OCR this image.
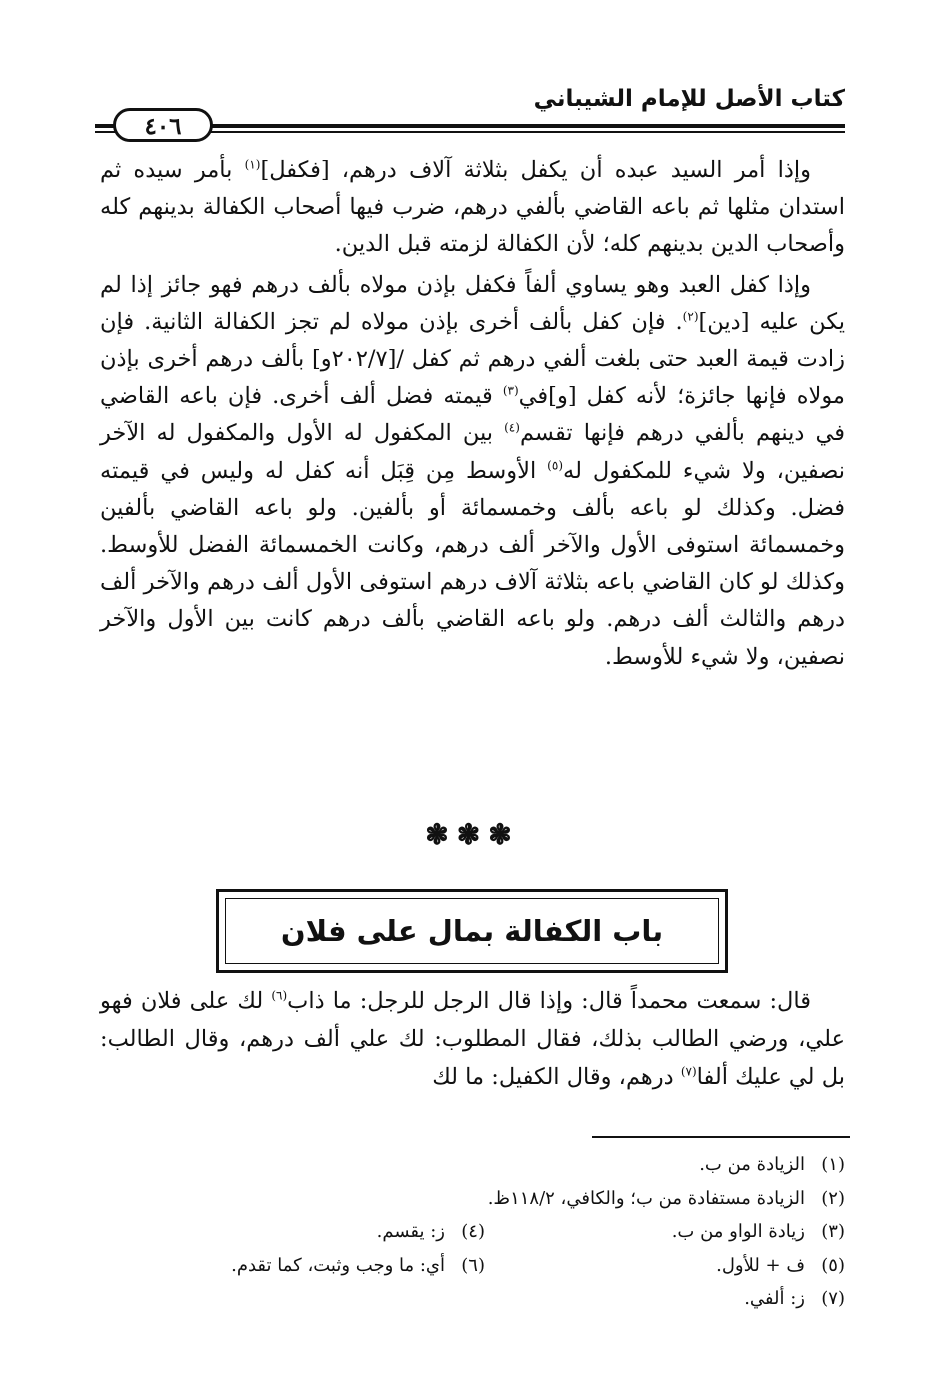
كتاب الأصل للإمام الشيباني
٤٠٦

وإذا أمر السيد عبده أن يكفل بثلاثة آلاف درهم، [فكفل]$^{(١)}$ بأمر سيده ثم استدان مثلها ثم باعه القاضي بألفي درهم، ضرب فيها أصحاب الكفالة بدينهم كله وأصحاب الدين بدينهم كله؛ لأن الكفالة لزمته قبل الدين.

وإذا كفل العبد وهو يساوي ألفاً فكفل بإذن مولاه بألف درهم فهو جائز إذا لم يكن عليه [دين]$^{(٢)}$. فإن كفل بألف أخرى بإذن مولاه لم تجز الكفالة الثانية. فإن زادت قيمة العبد حتى بلغت ألفي درهم ثم كفل /[٢٠٢/٧و] بألف درهم أخرى بإذن مولاه فإنها جائزة؛ لأنه كفل [و]في$^{(٣)}$ قيمته فضل ألف أخرى. فإن باعه القاضي في دينهم بألفي درهم فإنها تقسم$^{(٤)}$ بين المكفول له الأول والمكفول له الآخر نصفين، ولا شيء للمكفول له$^{(٥)}$ الأوسط مِن قِبَل أنه كفل له وليس في قيمته فضل. وكذلك لو باعه بألف وخمسمائة أو بألفين. ولو باعه القاضي بألفين وخمسمائة استوفى الأول والآخر ألف درهم، وكانت الخمسمائة الفضل للأوسط. وكذلك لو كان القاضي باعه بثلاثة آلاف درهم استوفى الأول ألف درهم والآخر ألف درهم والثالث ألف درهم. ولو باعه القاضي بألف درهم كانت بين الأول والآخر نصفين، ولا شيء للأوسط.

❃❃❃
باب الكفالة بمال على فلان

قال: سمعت محمداً قال: وإذا قال الرجل للرجل: ما ذاب$^{(٦)}$ لك على فلان فهو علي، ورضي الطالب بذلك، فقال المطلوب: لك علي ألف درهم، وقال الطالب: بل لي عليك ألفا$^{(٧)}$ درهم، وقال الكفيل: ما لك

(١)الزيادة من ب.
(٢)الزيادة مستفادة من ب؛ والكافي، ١١٨/٢ظ.
(٣)زيادة الواو من ب.
(٤)ز: يقسم.
(٥)ف + للأول.
(٦)أي: ما وجب وثبت، كما تقدم.
(٧)ز: ألفي.
